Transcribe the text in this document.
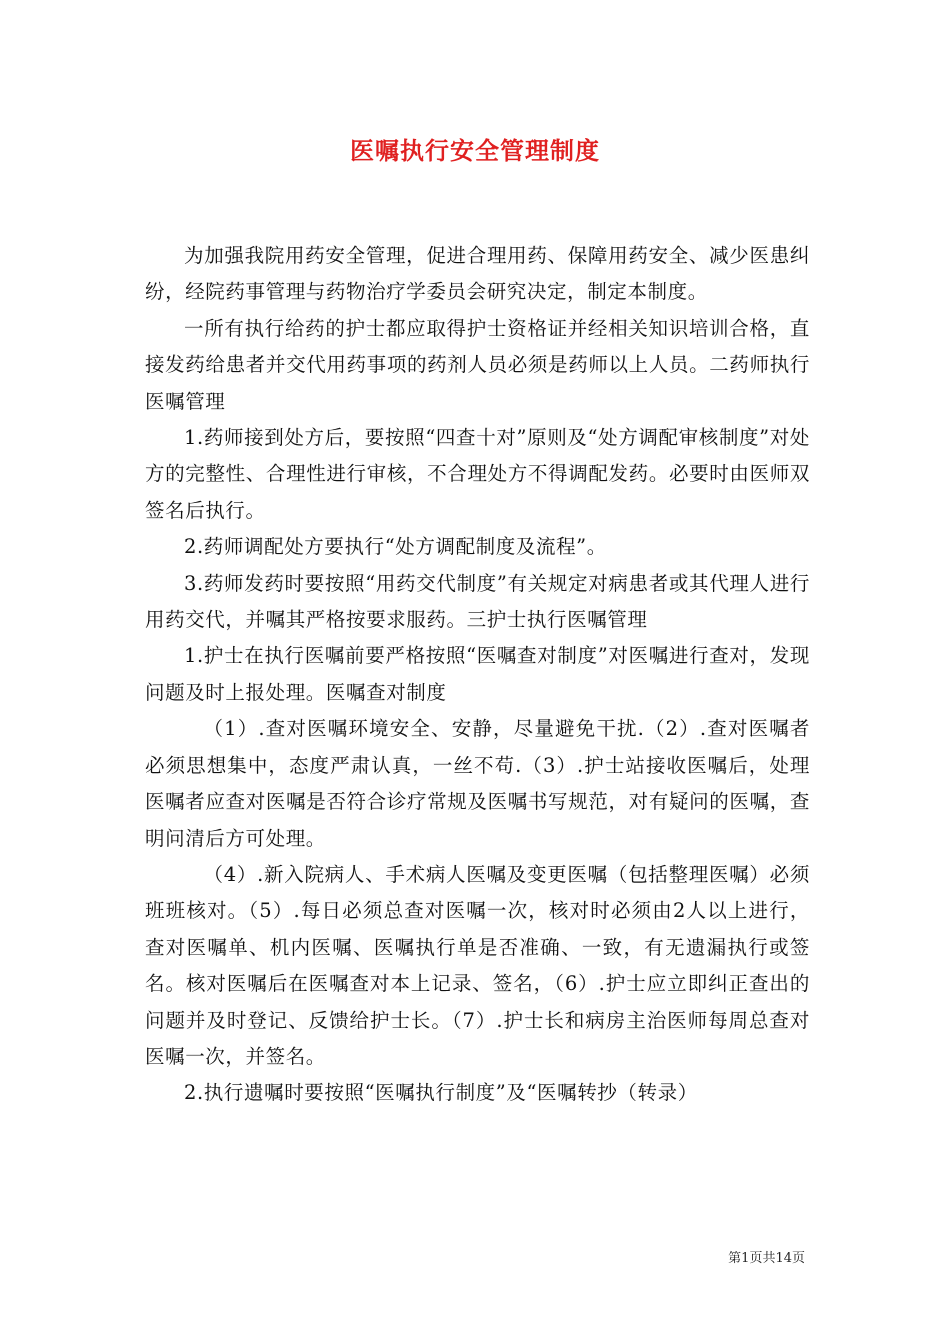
医嘱执行安全管理制度

为加强我院用药安全管理，促进合理用药、保障用药安全、减少医患纠纷，经院药事管理与药物治疗学委员会研究决定，制定本制度。

一所有执行给药的护士都应取得护士资格证并经相关知识培训合格，直接发药给患者并交代用药事项的药剂人员必须是药师以上人员。二药师执行医嘱管理

1.药师接到处方后，要按照“四查十对”原则及“处方调配审核制度”对处方的完整性、合理性进行审核，不合理处方不得调配发药。必要时由医师双签名后执行。

2.药师调配处方要执行“处方调配制度及流程”。

3.药师发药时要按照“用药交代制度”有关规定对病患者或其代理人进行用药交代，并嘱其严格按要求服药。三护士执行医嘱管理

1.护士在执行医嘱前要严格按照“医嘱查对制度”对医嘱进行查对，发现问题及时上报处理。医嘱查对制度

（1）.查对医嘱环境安全、安静，尽量避免干扰.（2）.查对医嘱者必须思想集中，态度严肃认真，一丝不苟.（3）.护士站接收医嘱后，处理医嘱者应查对医嘱是否符合诊疗常规及医嘱书写规范，对有疑问的医嘱，查明问清后方可处理。

（4）.新入院病人、手术病人医嘱及变更医嘱（包括整理医嘱）必须班班核对。（5）.每日必须总查对医嘱一次，核对时必须由2人以上进行，查对医嘱单、机内医嘱、医嘱执行单是否准确、一致，有无遗漏执行或签名。核对医嘱后在医嘱查对本上记录、签名，（6）.护士应立即纠正查出的问题并及时登记、反馈给护士长。（7）.护士长和病房主治医师每周总查对医嘱一次，并签名。

2.执行遗嘱时要按照“医嘱执行制度”及“医嘱转抄（转录）

第1页共14页
